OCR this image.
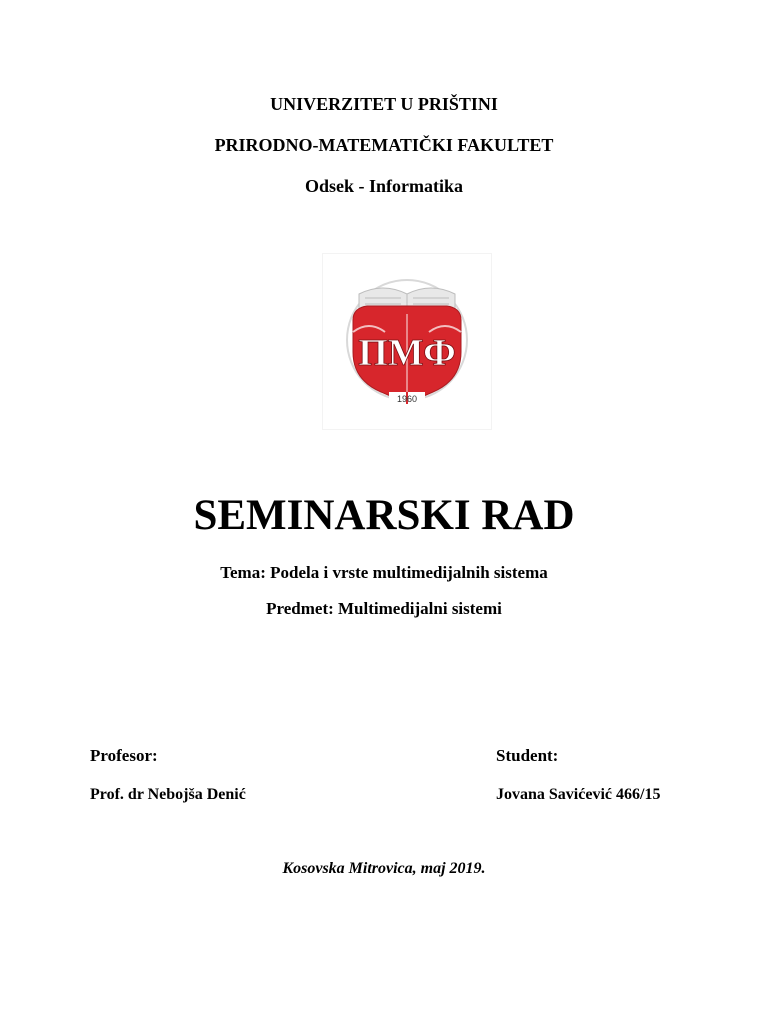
UNIVERZITET U PRIŠTINI
PRIRODNO-MATEMATIČKI FAKULTET
Odsek - Informatika
ПМФ
1960
SEMINARSKI RAD
Tema: Podela i vrste multimedijalnih sistema
Predmet: Multimedijalni sistemi
Profesor:
Prof. dr Nebojša Denić
Student:
Jovana Savićević 466/15
Kosovska Mitrovica, maj 2019.
